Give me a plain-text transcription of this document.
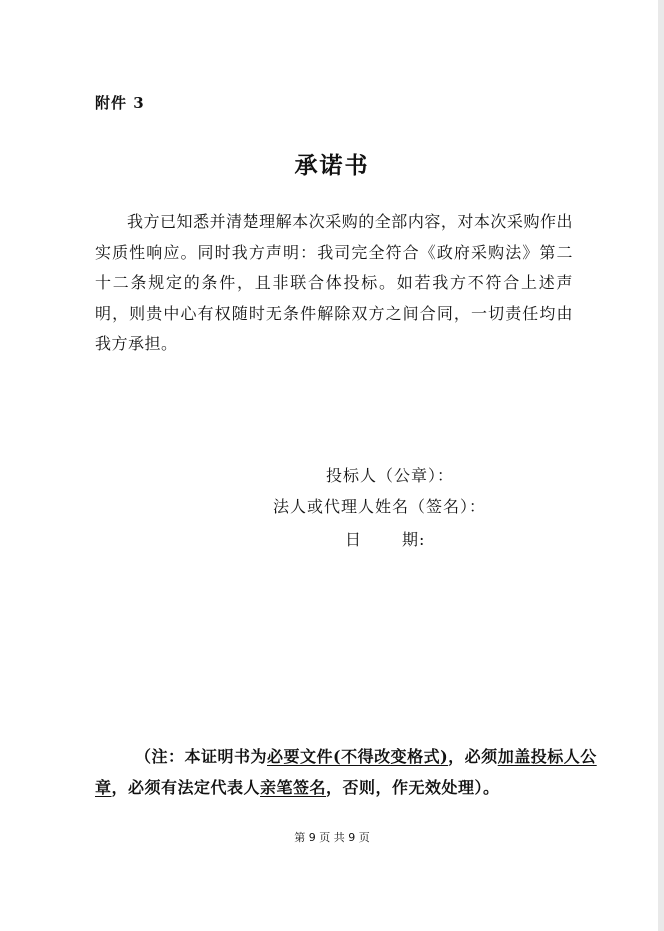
附件 3
承诺书

我方已知悉并清楚理解本次采购的全部内容，对本次采购作出实质性响应。同时我方声明：我司完全符合《政府采购法》第二十二条规定的条件，且非联合体投标。如若我方不符合上述声明，则贵中心有权随时无条件解除双方之间合同，一切责任均由我方承担。

投标人（公章）：
法人或代理人姓名（签名）：
日	期:

（注：本证明书为必要文件(不得改变格式)，必须加盖投标人公章，必须有法定代表人亲笔签名，否则，作无效处理）。

第 9 页 共 9 页
